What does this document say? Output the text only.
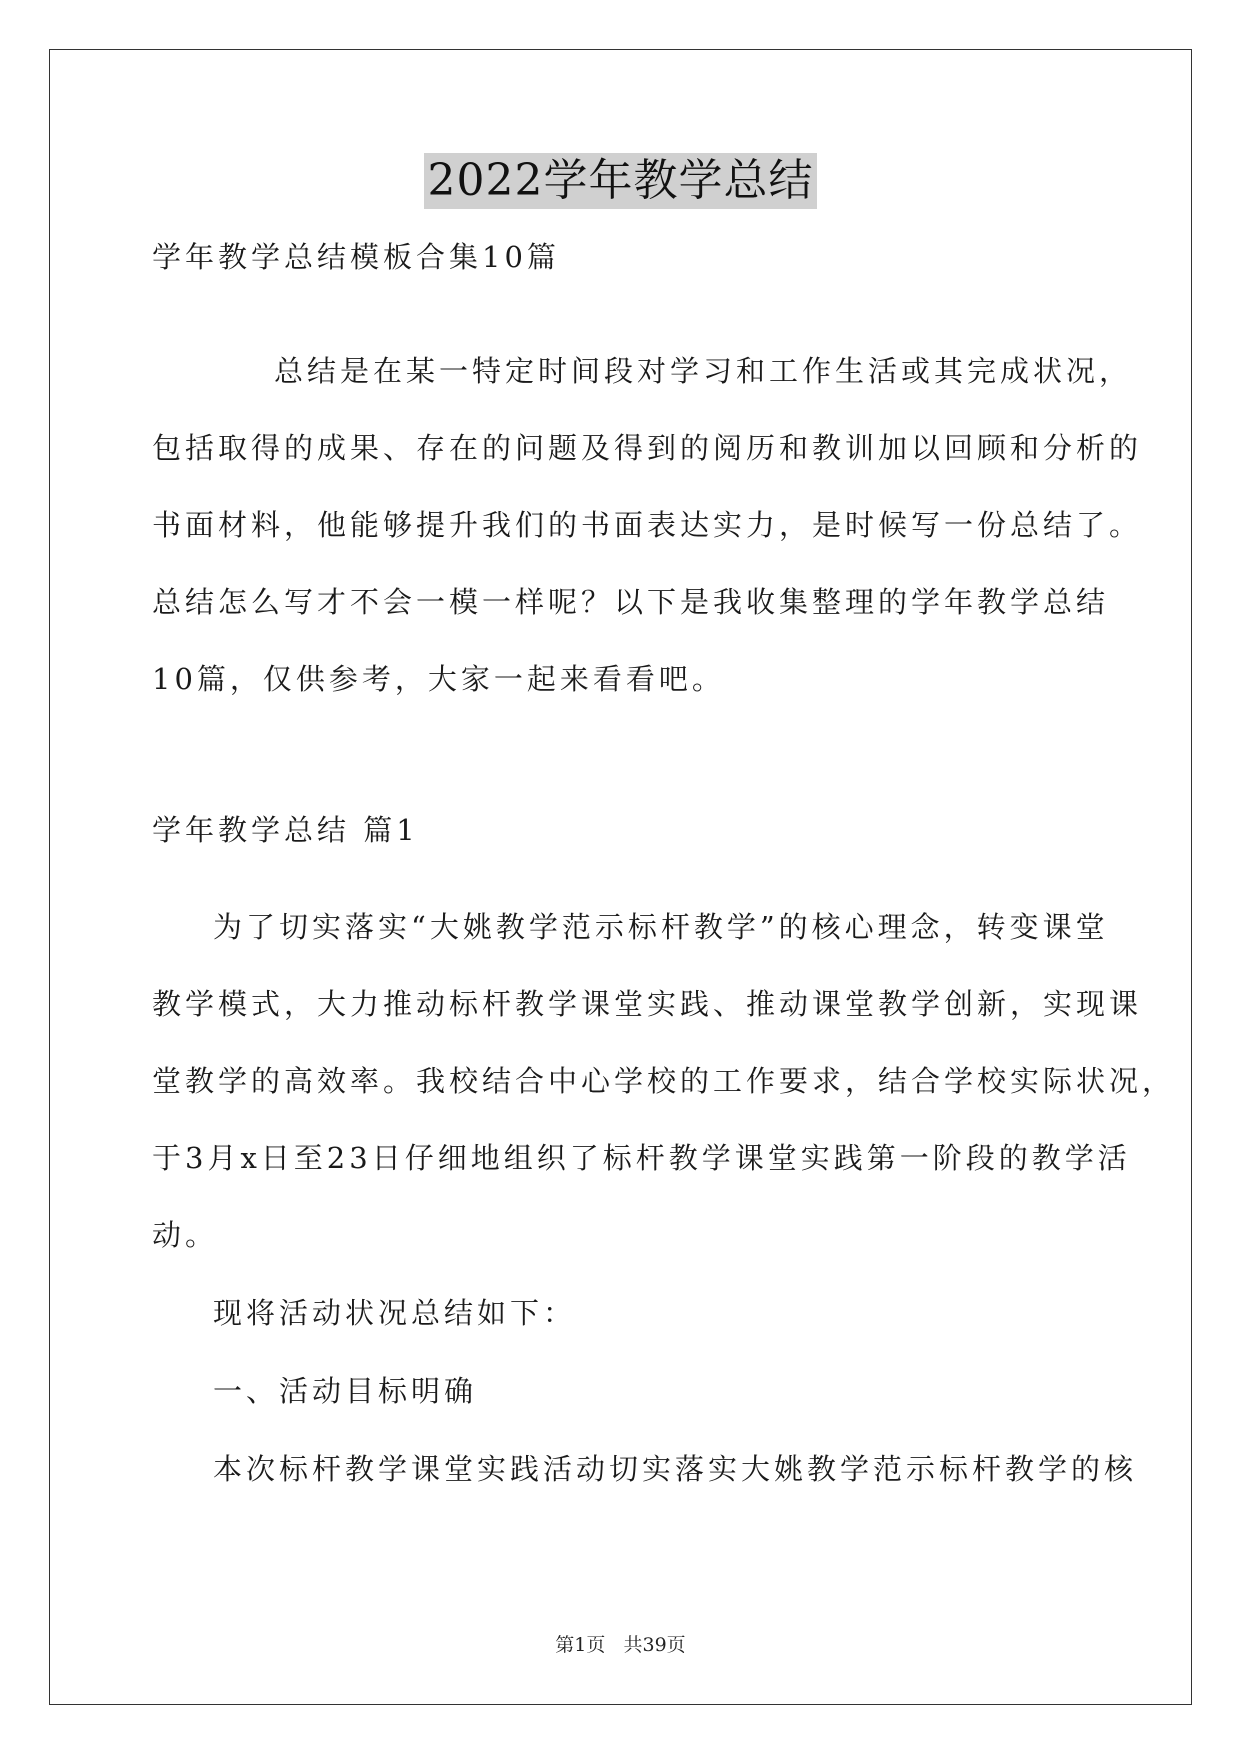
2022学年教学总结
学年教学总结模板合集10篇
总结是在某一特定时间段对学习和工作生活或其完成状况，
包括取得的成果、存在的问题及得到的阅历和教训加以回顾和分析的
书面材料，他能够提升我们的书面表达实力，是时候写一份总结了。
总结怎么写才不会一模一样呢？以下是我收集整理的学年教学总结
10篇，仅供参考，大家一起来看看吧。
学年教学总结 篇1
为了切实落实“大姚教学范示标杆教学”的核心理念，转变课堂
教学模式，大力推动标杆教学课堂实践、推动课堂教学创新，实现课
堂教学的高效率。我校结合中心学校的工作要求，结合学校实际状况，
于3月x日至23日仔细地组织了标杆教学课堂实践第一阶段的教学活
动。
现将活动状况总结如下：
一、活动目标明确
本次标杆教学课堂实践活动切实落实大姚教学范示标杆教学的核
第1页   共39页
